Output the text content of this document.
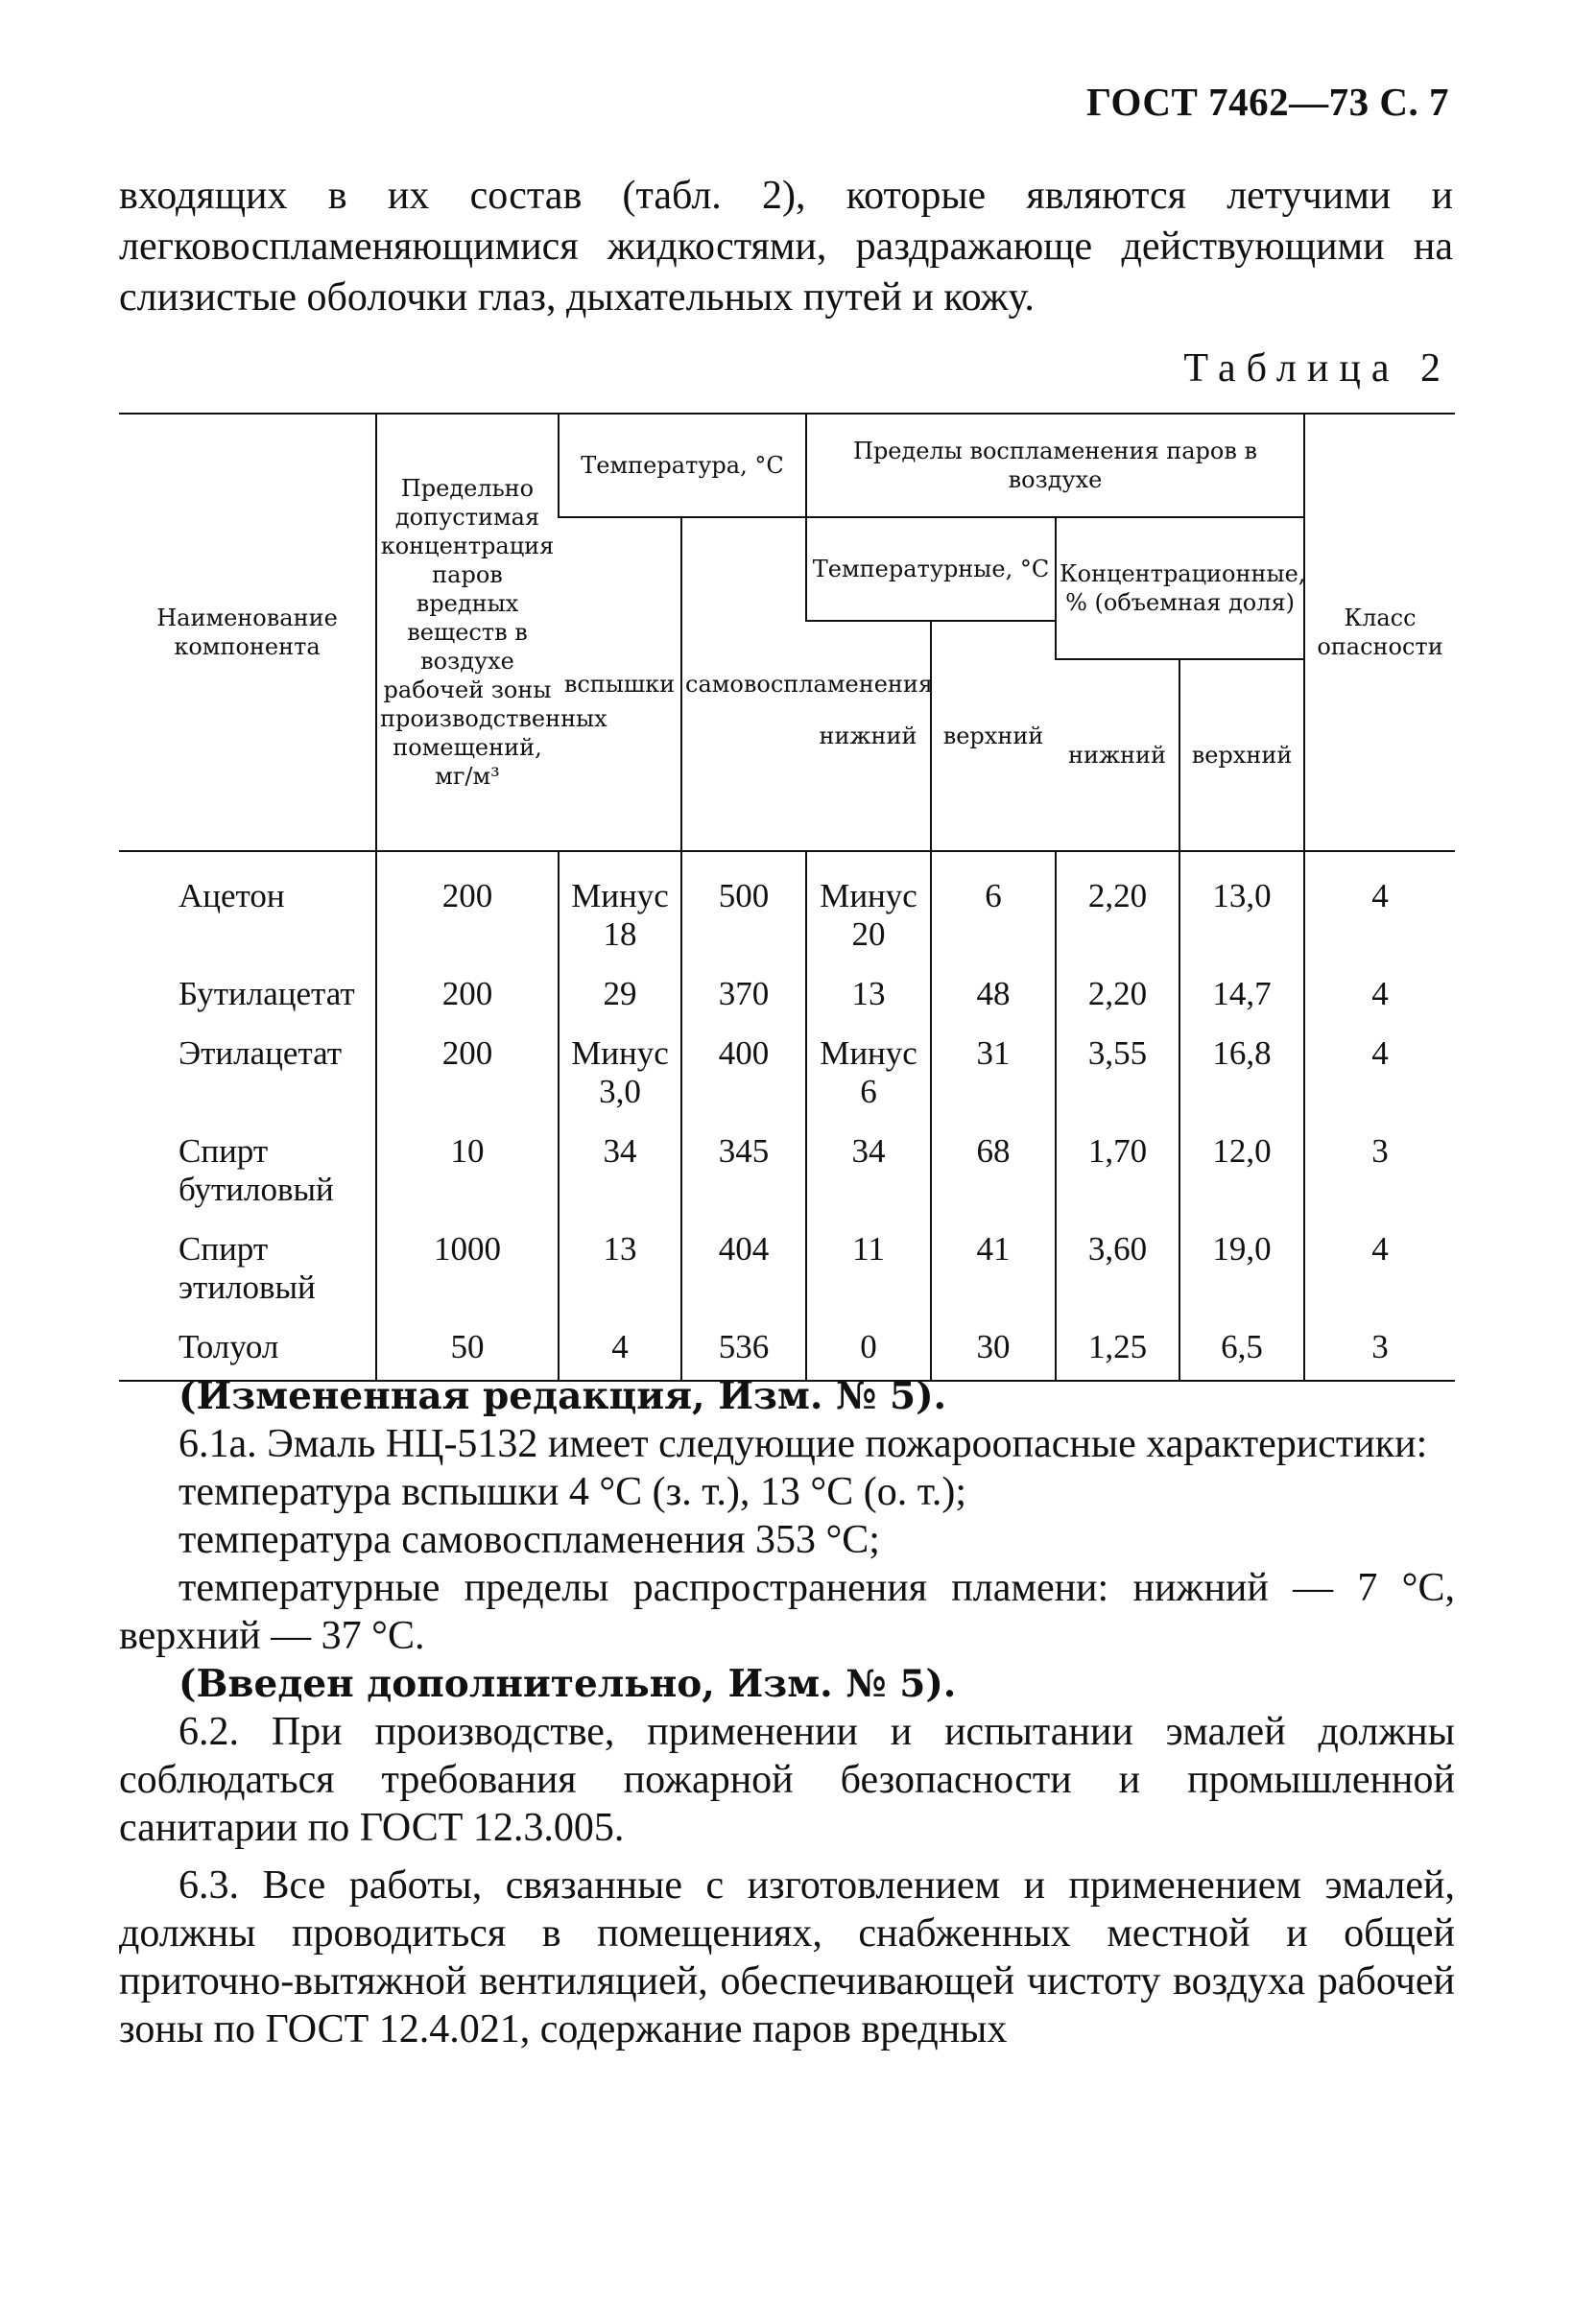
ГОСТ 7462—73 С. 7
входящих в их состав (табл. 2), которые являются летучими и легковоспламеняющимися жидкостями, раздражающе действующими на слизистые оболочки глаз, дыхательных путей и кожу.
Таблица 2
Наименование компонента	Предельно допустимая концентрация паров вредных веществ в воздухе рабочей зоны производственных помещений, мг/м³	Температура, °С		Пределы воспламенения паров в воздухе				Класс опасности
		вспышки	самовоспламенения	Температурные, °С		Концентрационные, % (объемная доля)		
				нижний	верхний			
						нижний	верхний	
Ацетон	200	Минус 18	500	Минус 20	6	2,20	13,0	4
Бутилацетат	200	29	370	13	48	2,20	14,7	4
Этилацетат	200	Минус 3,0	400	Минус 6	31	3,55	16,8	4
Спирт бутиловый	10	34	345	34	68	1,70	12,0	3
Спирт этиловый	1000	13	404	11	41	3,60	19,0	4
Толуол	50	4	536	0	30	1,25	6,5	3

(Измененная редакция, Изм. № 5).

6.1а. Эмаль НЦ-5132 имеет следующие пожароопасные характеристики:

температура вспышки 4 °С (з. т.), 13 °С (о. т.);

температура самовоспламенения 353 °С;

температурные пределы распространения пламени: нижний — 7 °С, верхний — 37 °С.

(Введен дополнительно, Изм. № 5).

6.2. При производстве, применении и испытании эмалей должны соблюдаться требования пожарной безопасности и промышленной санитарии по ГОСТ 12.3.005.

6.3. Все работы, связанные с изготовлением и применением эмалей, должны проводиться в помещениях, снабженных местной и общей приточно-вытяжной вентиляцией, обеспечивающей чистоту воздуха рабочей зоны по ГОСТ 12.4.021, содержание паров вредных
